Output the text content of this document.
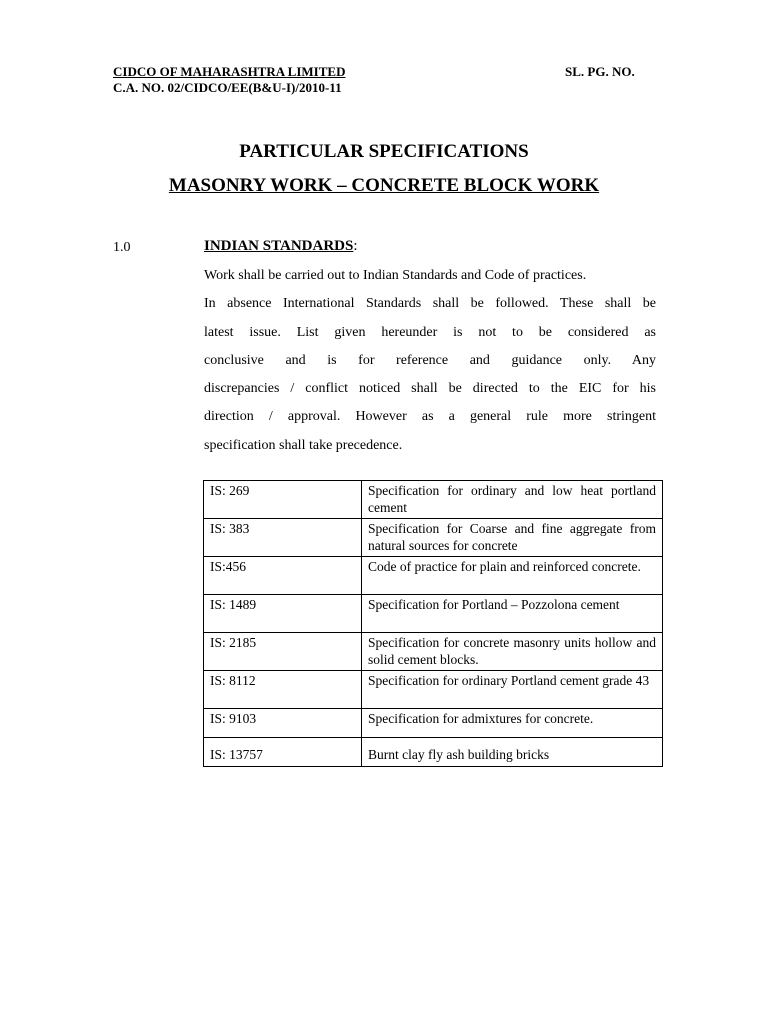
CIDCO OF MAHARASHTRA LIMITED
C.A. NO. 02/CIDCO/EE(B&U-I)/2010-11
SL. PG. NO.
PARTICULAR SPECIFICATIONS
MASONRY WORK – CONCRETE BLOCK WORK
1.0	INDIAN STANDARDS:

Work shall be carried out to Indian Standards and Code of practices.
In absence International Standards shall be followed. These shall be
latest issue. List given hereunder is not to be considered as
conclusive and is for reference and guidance only. Any
discrepancies / conflict noticed shall be directed to the EIC for his
direction / approval. However as a general rule more stringent
specification shall take precedence.

IS: 269	Specification for ordinary and low heat portland cement
IS: 383	Specification for Coarse and fine aggregate from natural sources for concrete
IS:456	Code of practice for plain and reinforced concrete.
IS: 1489	Specification for Portland – Pozzolona cement
IS: 2185	Specification for concrete masonry units hollow and solid cement blocks.
IS: 8112	Specification for ordinary Portland cement grade 43
IS: 9103	Specification for admixtures for concrete.
IS: 13757	Burnt clay fly ash building bricks
